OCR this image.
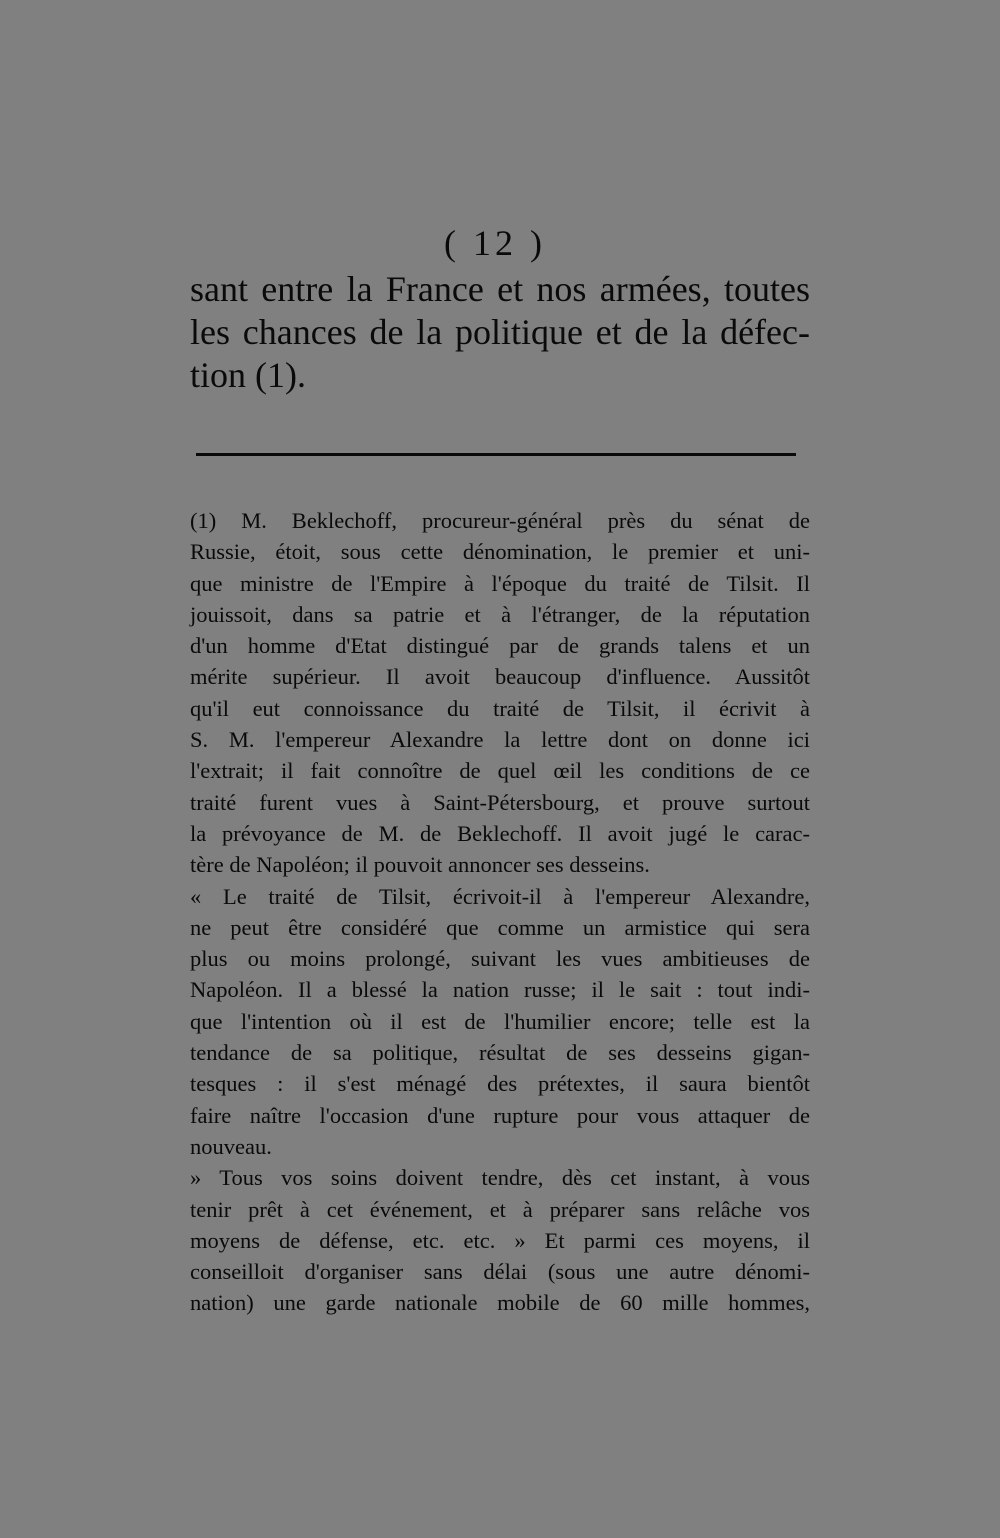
( 12 )
sant entre la France et nos armées, toutes
les chances de la politique et de la défec-
tion (1).
(1) M. Beklechoff, procureur-général près du sénat de
Russie, étoit, sous cette dénomination, le premier et uni-
que ministre de l'Empire à l'époque du traité de Tilsit. Il
jouissoit, dans sa patrie et à l'étranger, de la réputation
d'un homme d'Etat distingué par de grands talens et un
mérite supérieur. Il avoit beaucoup d'influence. Aussitôt
qu'il eut connoissance du traité de Tilsit, il écrivit à
S. M. l'empereur Alexandre la lettre dont on donne ici
l'extrait; il fait connoître de quel œil les conditions de ce
traité furent vues à Saint-Pétersbourg, et prouve surtout
la prévoyance de M. de Beklechoff. Il avoit jugé le carac-
tère de Napoléon; il pouvoit annoncer ses desseins.
« Le traité de Tilsit, écrivoit-il à l'empereur Alexandre,
ne peut être considéré que comme un armistice qui sera
plus ou moins prolongé, suivant les vues ambitieuses de
Napoléon. Il a blessé la nation russe; il le sait : tout indi-
que l'intention où il est de l'humilier encore; telle est la
tendance de sa politique, résultat de ses desseins gigan-
tesques : il s'est ménagé des prétextes, il saura bientôt
faire naître l'occasion d'une rupture pour vous attaquer de
nouveau.
» Tous vos soins doivent tendre, dès cet instant, à vous
tenir prêt à cet événement, et à préparer sans relâche vos
moyens de défense, etc. etc. » Et parmi ces moyens, il
conseilloit d'organiser sans délai (sous une autre dénomi-
nation) une garde nationale mobile de 60 mille hommes,
